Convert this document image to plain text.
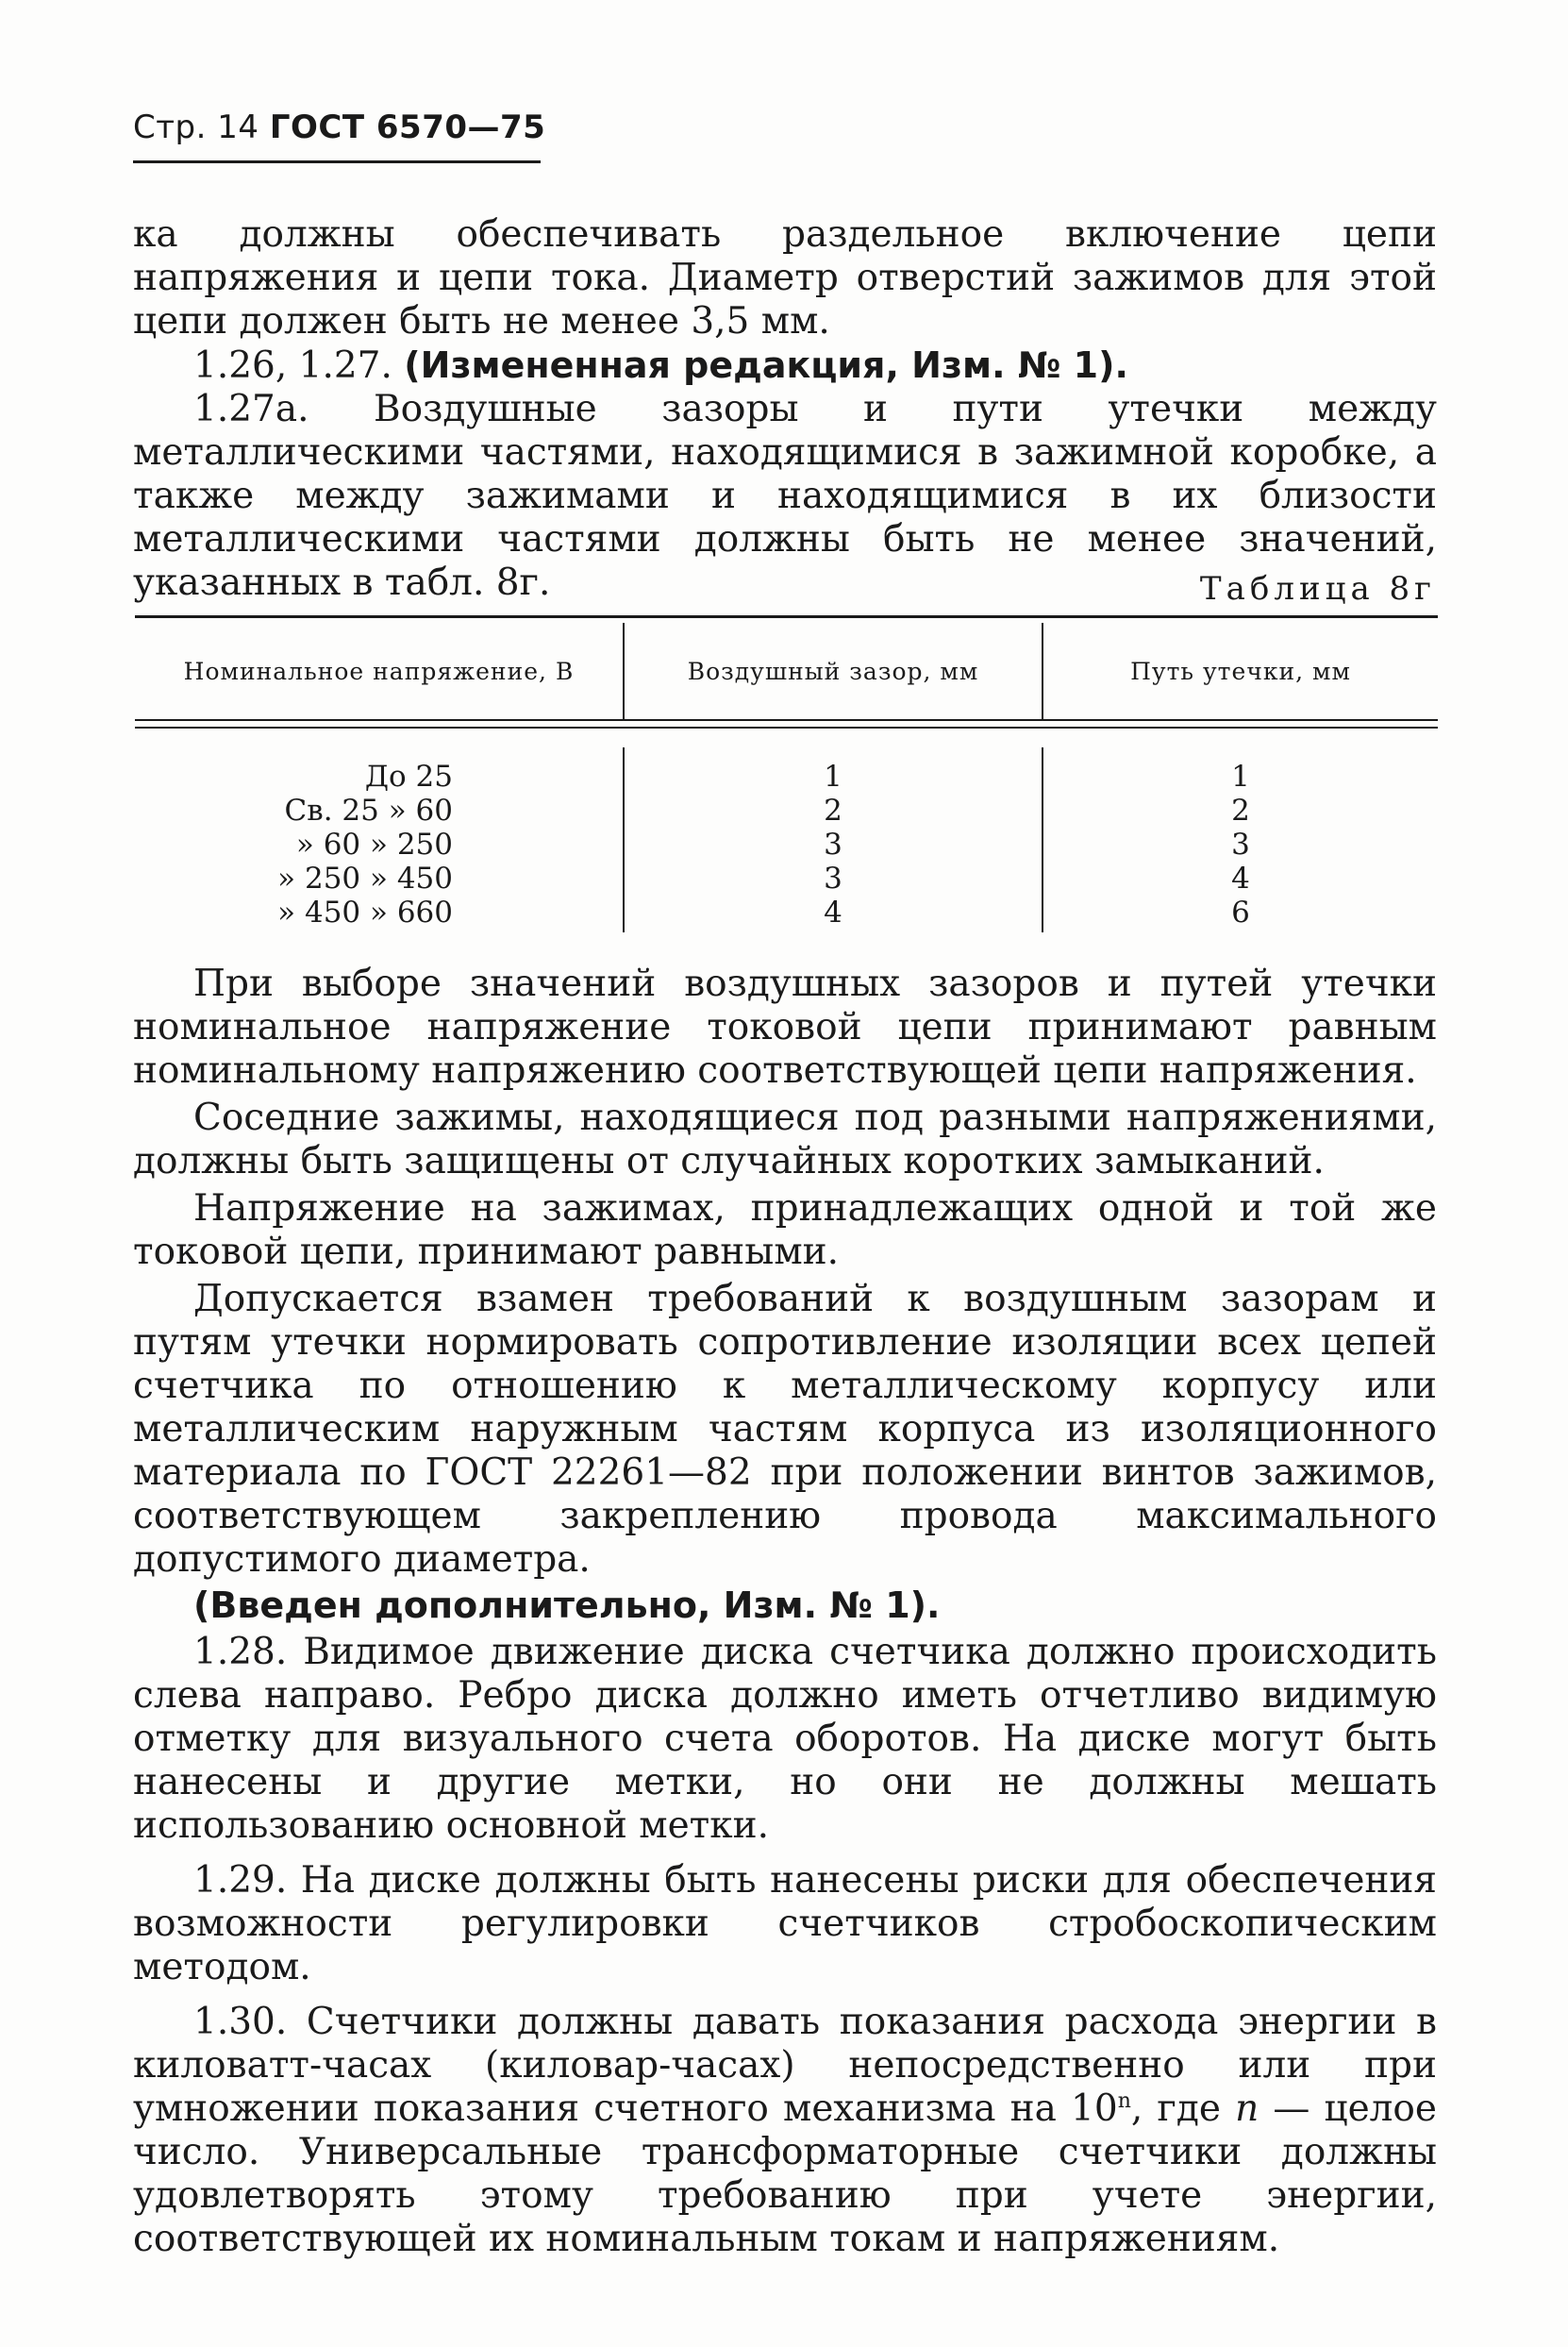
Стр. 14 ГОСТ 6570—75

ка должны обеспечивать раздельное включение цепи напряжения и цепи тока. Диаметр отверстий зажимов для этой цепи должен быть не менее 3,5 мм.

1.26, 1.27. (Измененная редакция, Изм. № 1).

1.27а. Воздушные зазоры и пути утечки между металлическими частями, находящимися в зажимной коробке, а также между зажимами и находящимися в их близости металлическими частями должны быть не менее значений, указанных в табл. 8г.	Таблица 8г
Номинальное напряжение, В	Воздушный зазор, мм	Путь утечки, мм
До 25	1	1
Св. 25 » 60	2	2
» 60 » 250	3	3
» 250 » 450	3	4
» 450 » 660	4	6

При выборе значений воздушных зазоров и путей утечки номинальное напряжение токовой цепи принимают равным номинальному напряжению соответствующей цепи напряжения.

Соседние зажимы, находящиеся под разными напряжениями, должны быть защищены от случайных коротких замыканий.

Напряжение на зажимах, принадлежащих одной и той же токовой цепи, принимают равными.

Допускается взамен требований к воздушным зазорам и путям утечки нормировать сопротивление изоляции всех цепей счетчика по отношению к металлическому корпусу или металлическим наружным частям корпуса из изоляционного материала по ГОСТ 22261—82 при положении винтов зажимов, соответствующем закреплению провода максимального допустимого диаметра.

(Введен дополнительно, Изм. № 1).

1.28. Видимое движение диска счетчика должно происходить слева направо. Ребро диска должно иметь отчетливо видимую отметку для визуального счета оборотов. На диске могут быть нанесены и другие метки, но они не должны мешать использованию основной метки.

1.29. На диске должны быть нанесены риски для обеспечения возможности регулировки счетчиков стробоскопическим методом.

1.30. Счетчики должны давать показания расхода энергии в киловатт-часах (киловар-часах) непосредственно или при умножении показания счетного механизма на 10$^n$, где n — целое число. Универсальные трансформаторные счетчики должны удовлетворять этому требованию при учете энергии, соответствующей их номинальным токам и напряжениям.
